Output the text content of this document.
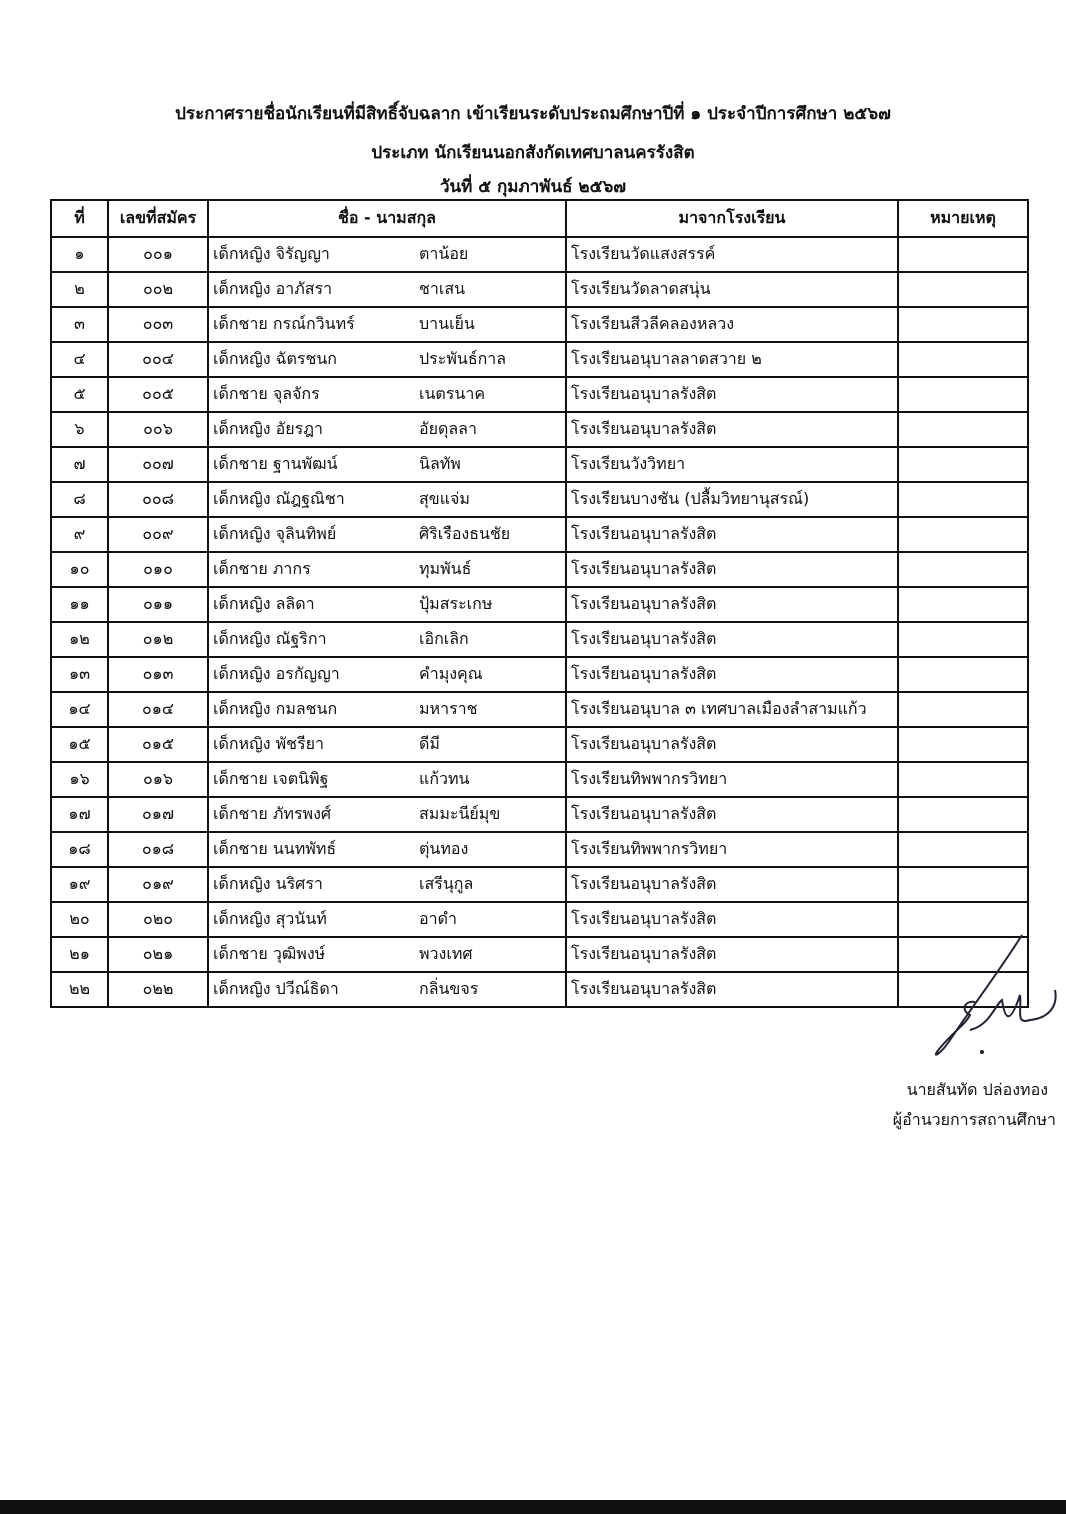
ประกาศรายชื่อนักเรียนที่มีสิทธิ์จับฉลาก เข้าเรียนระดับประถมศึกษาปีที่ ๑ ประจำปีการศึกษา ๒๕๖๗
ประเภท นักเรียนนอกสังกัดเทศบาลนครรังสิต
วันที่ ๕ กุมภาพันธ์ ๒๕๖๗
ที่	เลขที่สมัคร	ชื่อ - นามสกุล	มาจากโรงเรียน	หมายเหตุ
๑	๐๐๑	เด็กหญิง จิรัญญา ตาน้อย	โรงเรียนวัดแสงสรรค์	
๒	๐๐๒	เด็กหญิง อาภัสรา ชาเสน	โรงเรียนวัดลาดสนุ่น	
๓	๐๐๓	เด็กชาย กรณ์กวินทร์ บานเย็น	โรงเรียนสีวลีคลองหลวง	
๔	๐๐๔	เด็กหญิง ฉัตรชนก ประพันธ์กาล	โรงเรียนอนุบาลลาดสวาย ๒	
๕	๐๐๕	เด็กชาย จุลจักร เนตรนาค	โรงเรียนอนุบาลรังสิต	
๖	๐๐๖	เด็กหญิง อัยรฎา อัยดุลลา	โรงเรียนอนุบาลรังสิต	
๗	๐๐๗	เด็กชาย ฐานพัฒน์ นิลทัพ	โรงเรียนวังวิทยา	
๘	๐๐๘	เด็กหญิง ณัฎฐณิชา สุขแจ่ม	โรงเรียนบางชัน (ปลื้มวิทยานุสรณ์)	
๙	๐๐๙	เด็กหญิง จุลินทิพย์ ศิริเรืองธนชัย	โรงเรียนอนุบาลรังสิต	
๑๐	๐๑๐	เด็กชาย ภากร ทุมพันธ์	โรงเรียนอนุบาลรังสิต	
๑๑	๐๑๑	เด็กหญิง ลลิดา ปุ้มสระเกษ	โรงเรียนอนุบาลรังสิต	
๑๒	๐๑๒	เด็กหญิง ณัฐริกา เอิกเลิก	โรงเรียนอนุบาลรังสิต	
๑๓	๐๑๓	เด็กหญิง อรกัญญา คำมุงคุณ	โรงเรียนอนุบาลรังสิต	
๑๔	๐๑๔	เด็กหญิง กมลชนก มหาราช	โรงเรียนอนุบาล ๓ เทศบาลเมืองลำสามแก้ว	
๑๕	๐๑๕	เด็กหญิง พัชรียา ดีมี	โรงเรียนอนุบาลรังสิต	
๑๖	๐๑๖	เด็กชาย เจตนิพิฐ แก้วทน	โรงเรียนทิพพากรวิทยา	
๑๗	๐๑๗	เด็กชาย ภัทรพงศ์ สมมะนีย์มุข	โรงเรียนอนุบาลรังสิต	
๑๘	๐๑๘	เด็กชาย นนทพัทธ์ ตุ่นทอง	โรงเรียนทิพพากรวิทยา	
๑๙	๐๑๙	เด็กหญิง นริศรา เสรีนุกูล	โรงเรียนอนุบาลรังสิต	
๒๐	๐๒๐	เด็กหญิง สุวนันท์ อาดำ	โรงเรียนอนุบาลรังสิต	
๒๑	๐๒๑	เด็กชาย วุฒิพงษ์ พวงเทศ	โรงเรียนอนุบาลรังสิต	
๒๒	๐๒๒	เด็กหญิง ปวีณ์ธิดา กลิ่นขจร	โรงเรียนอนุบาลรังสิต	
นายสันทัด ปล่องทอง
ผู้อำนวยการสถานศึกษา
